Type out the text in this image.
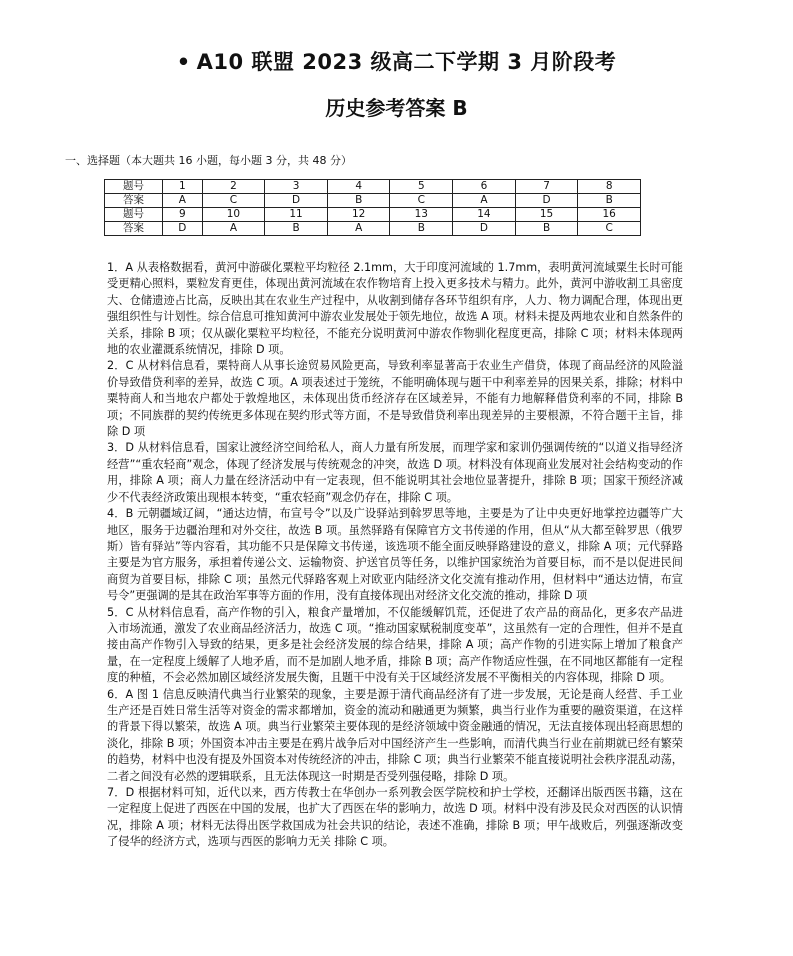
• A10 联盟 2023 级高二下学期 3 月阶段考
历史参考答案 B
一、选择题（本大题共 16 小题，每小题 3 分，共 48 分）
题号	1	2	3	4	5	6	7	8
答案	A	C	D	B	C	A	D	B
题号	9	10	11	12	13	14	15	16
答案	D	A	B	A	B	D	B	C

1．A 从表格数据看，黄河中游碳化粟粒平均粒径 2.1mm，大于印度河流域的 1.7mm，表明黄河流域粟生长时可能受更精心照料，粟粒发育更佳，体现出黄河流域在农作物培育上投入更多技术与精力。此外，黄河中游收割工具密度大、仓储遗迹占比高，反映出其在农业生产过程中，从收割到储存各环节组织有序，人力、物力调配合理，体现出更强组织性与计划性。综合信息可推知黄河中游农业发展处于领先地位，故选 A 项。材料未提及两地农业和自然条件的关系，排除 B 项；仅从碳化粟粒平均粒径，不能充分说明黄河中游农作物驯化程度更高，排除 C 项；材料未体现两地的农业灌溉系统情况，排除 D 项。

2．C 从材料信息看，粟特商人从事长途贸易风险更高，导致利率显著高于农业生产借贷，体现了商品经济的风险溢价导致借贷利率的差异，故选 C 项。A 项表述过于笼统，不能明确体现与题干中利率差异的因果关系，排除；材料中粟特商人和当地农户都处于敦煌地区，未体现出货币经济存在区域差异，不能有力地解释借贷利率的不同，排除 B 项；不同族群的契约传统更多体现在契约形式等方面，不是导致借贷利率出现差异的主要根源，不符合题干主旨，排除 D 项

3．D 从材料信息看，国家让渡经济空间给私人，商人力量有所发展，而理学家和家训仍强调传统的“以道义指导经济经营”“重农轻商”观念，体现了经济发展与传统观念的冲突，故选 D 项。材料没有体现商业发展对社会结构变动的作用，排除 A 项；商人力量在经济活动中有一定表现，但不能说明其社会地位显著提升，排除 B 项；国家干预经济减少不代表经济政策出现根本转变，“重农轻商”观念仍存在，排除 C 项。

4．B 元朝疆域辽阔，“通达边情，布宣号令”以及广设驿站到斡罗思等地，主要是为了让中央更好地掌控边疆等广大地区，服务于边疆治理和对外交往，故选 B 项。虽然驿路有保障官方文书传递的作用，但从“从大都至斡罗思（俄罗斯）皆有驿站”等内容看，其功能不只是保障文书传递，该选项不能全面反映驿路建设的意义，排除 A 项；元代驿路主要是为官方服务，承担着传递公文、运输物资、护送官员等任务，以维护国家统治为首要目标，而不是以促进民间商贸为首要目标，排除 C 项；虽然元代驿路客观上对欧亚内陆经济文化交流有推动作用，但材料中“通达边情，布宣号令”更强调的是其在政治军事等方面的作用，没有直接体现出对经济文化交流的推动，排除 D 项

5．C 从材料信息看，高产作物的引入，粮食产量增加，不仅能缓解饥荒，还促进了农产品的商品化，更多农产品进入市场流通，激发了农业商品经济活力，故选 C 项。“推动国家赋税制度变革”，这虽然有一定的合理性，但并不是直接由高产作物引入导致的结果，更多是社会经济发展的综合结果，排除 A 项；高产作物的引进实际上增加了粮食产量，在一定程度上缓解了人地矛盾，而不是加剧人地矛盾，排除 B 项；高产作物适应性强，在不同地区都能有一定程度的种植，不会必然加剧区域经济发展失衡，且题干中没有关于区域经济发展不平衡相关的内容体现，排除 D 项。

6．A 图 1 信息反映清代典当行业繁荣的现象，主要是源于清代商品经济有了进一步发展，无论是商人经营、手工业生产还是百姓日常生活等对资金的需求都增加，资金的流动和融通更为频繁，典当行业作为重要的融资渠道，在这样的背景下得以繁荣，故选 A 项。典当行业繁荣主要体现的是经济领域中资金融通的情况，无法直接体现出轻商思想的淡化，排除 B 项；外国资本冲击主要是在鸦片战争后对中国经济产生一些影响，而清代典当行业在前期就已经有繁荣的趋势，材料中也没有提及外国资本对传统经济的冲击，排除 C 项；典当行业繁荣不能直接说明社会秩序混乱动荡，二者之间没有必然的逻辑联系，且无法体现这一时期是否受列强侵略，排除 D 项。

7．D 根据材料可知，近代以来，西方传教士在华创办一系列教会医学院校和护士学校，还翻译出版西医书籍，这在一定程度上促进了西医在中国的发展，也扩大了西医在华的影响力，故选 D 项。材料中没有涉及民众对西医的认识情况，排除 A 项；材料无法得出医学救国成为社会共识的结论，表述不准确，排除 B 项；甲午战败后，列强逐渐改变了侵华的经济方式，选项与西医的影响力无关 排除 C 项。
